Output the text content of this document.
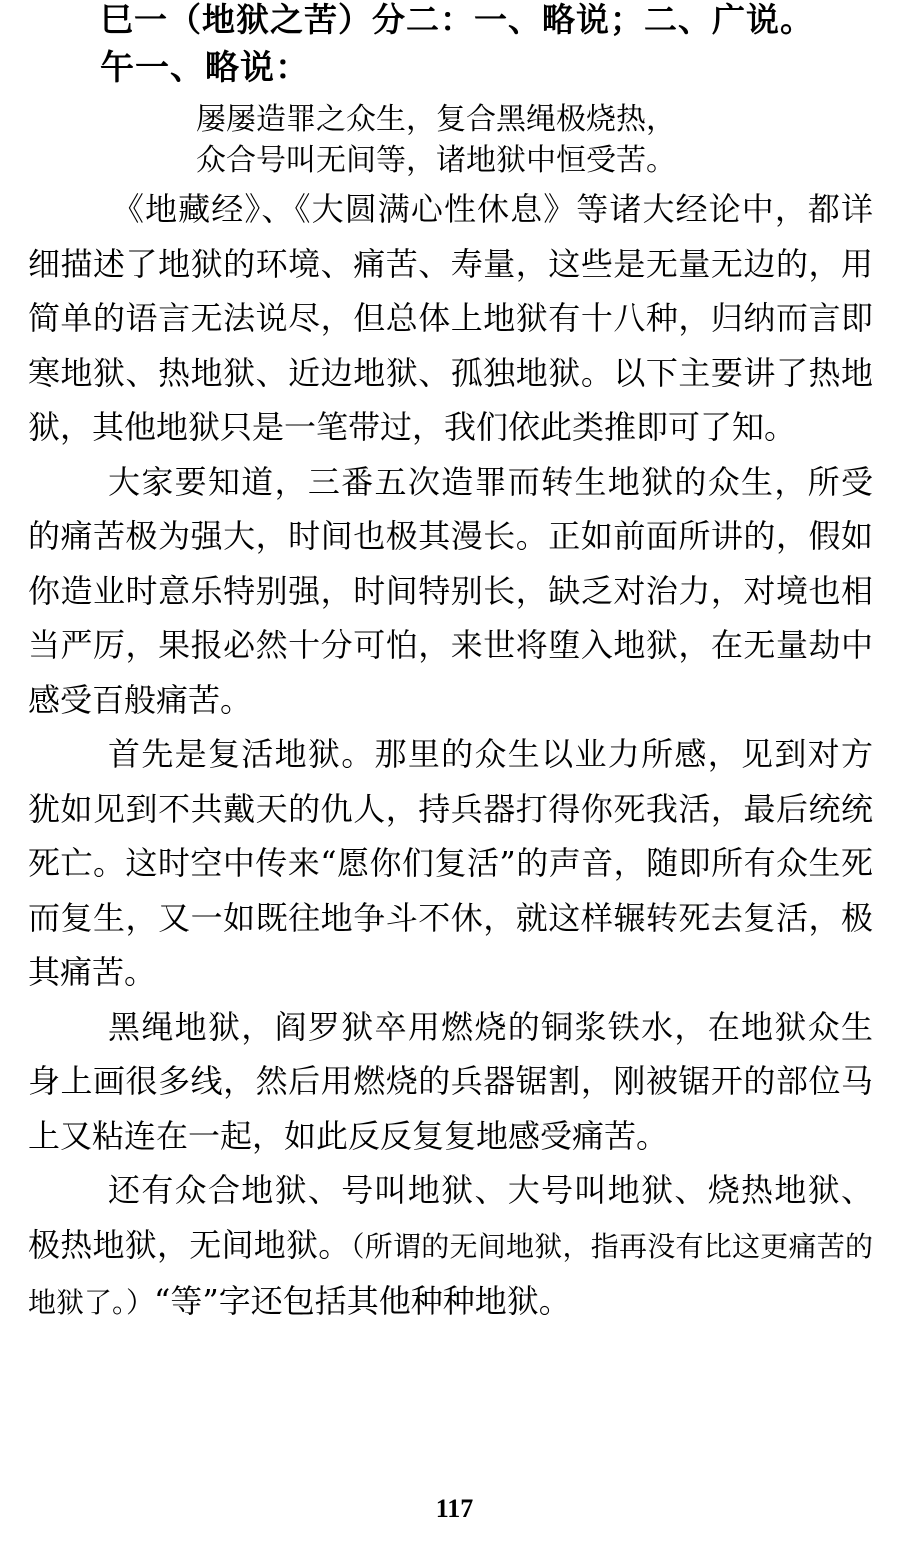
巳一（地狱之苦）分二：一、略说；二、广说。
午一、略说：
屡屡造罪之众生，复合黑绳极烧热，
众合号叫无间等，诸地狱中恒受苦。

《地藏经》、《大圆满心性休息》等诸大经论中，都详细描述了地狱的环境、痛苦、寿量，这些是无量无边的，用简单的语言无法说尽，但总体上地狱有十八种，归纳而言即寒地狱、热地狱、近边地狱、孤独地狱。以下主要讲了热地狱，其他地狱只是一笔带过，我们依此类推即可了知。

大家要知道，三番五次造罪而转生地狱的众生，所受的痛苦极为强大，时间也极其漫长。正如前面所讲的，假如你造业时意乐特别强，时间特别长，缺乏对治力，对境也相当严厉，果报必然十分可怕，来世将堕入地狱，在无量劫中感受百般痛苦。

首先是复活地狱。那里的众生以业力所感，见到对方犹如见到不共戴天的仇人，持兵器打得你死我活，最后统统死亡。这时空中传来“愿你们复活”的声音，随即所有众生死而复生，又一如既往地争斗不休，就这样辗转死去复活，极其痛苦。

黑绳地狱，阎罗狱卒用燃烧的铜浆铁水，在地狱众生身上画很多线，然后用燃烧的兵器锯割，刚被锯开的部位马上又粘连在一起，如此反反复复地感受痛苦。

还有众合地狱、号叫地狱、大号叫地狱、烧热地狱、极热地狱，无间地狱。（所谓的无间地狱，指再没有比这更痛苦的地狱了。）“等”字还包括其他种种地狱。

117
